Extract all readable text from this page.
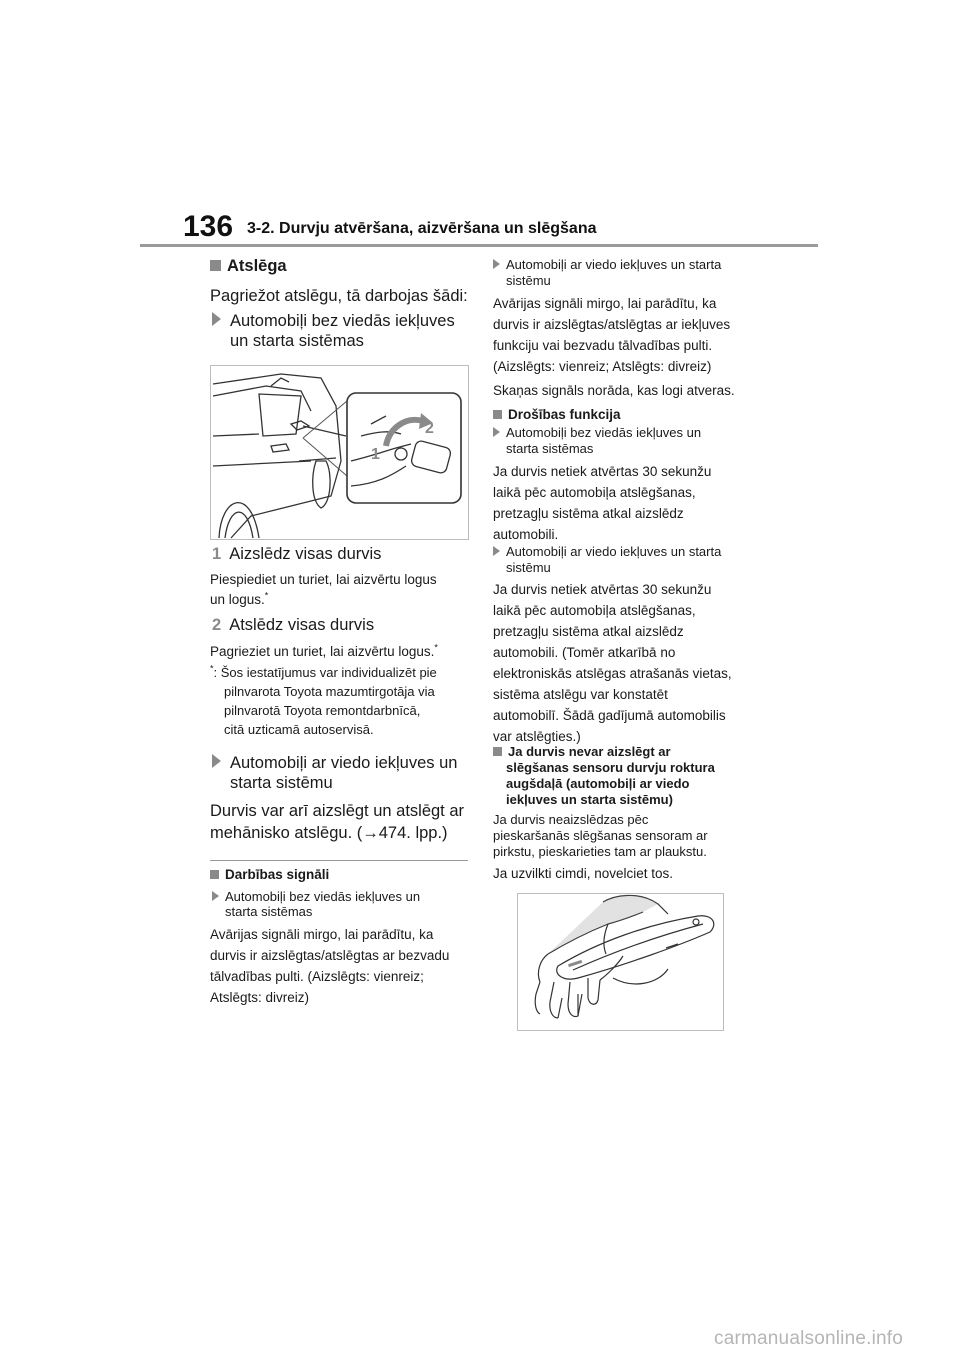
136 3-2. Durvju atvēršana, aizvēršana un slēgšana
Atslēga
Pagriežot atslēgu, tā darbojas šādi:
Automobiļi bez viedās iekļuves
un starta sistēmas
2
1
1 Aizslēdz visas durvis
Piespiediet un turiet, lai aizvērtu logus
un logus.*
2 Atslēdz visas durvis
Pagrieziet un turiet, lai aizvērtu logus.*
*: Šos iestatījumus var individualizēt pie
pilnvarota Toyota mazumtirgotāja via
pilnvarotā Toyota remontdarbnīcā,
citā uzticamā autoservisā.
Automobiļi ar viedo iekļuves un
starta sistēmu
Durvis var arī aizslēgt un atslēgt ar
mehānisko atslēgu. (→474. lpp.)
Darbības signāli
Automobiļi bez viedās iekļuves un
starta sistēmas
Avārijas signāli mirgo, lai parādītu, ka
durvis ir aizslēgtas/atslēgtas ar bezvadu
tālvadības pulti. (Aizslēgts: vienreiz;
Atslēgts: divreiz)
Automobiļi ar viedo iekļuves un starta
sistēmu
Avārijas signāli mirgo, lai parādītu, ka
durvis ir aizslēgtas/atslēgtas ar iekļuves
funkciju vai bezvadu tālvadības pulti.
(Aizslēgts: vienreiz; Atslēgts: divreiz)
Skaņas signāls norāda, kas logi atveras.
Drošības funkcija
Automobiļi bez viedās iekļuves un
starta sistēmas
Ja durvis netiek atvērtas 30 sekunžu
laikā pēc automobiļa atslēgšanas,
pretzagļu sistēma atkal aizslēdz
automobili.
Automobiļi ar viedo iekļuves un starta
sistēmu
Ja durvis netiek atvērtas 30 sekunžu
laikā pēc automobiļa atslēgšanas,
pretzagļu sistēma atkal aizslēdz
automobili. (Tomēr atkarībā no
elektroniskās atslēgas atrašanās vietas,
sistēma atslēgu var konstatēt
automobilī. Šādā gadījumā automobilis
var atslēgties.)
Ja durvis nevar aizslēgt ar
slēgšanas sensoru durvju roktura
augšdaļā (automobiļi ar viedo
iekļuves un starta sistēmu)
Ja durvis neaizslēdzas pēc
pieskaršanās slēgšanas sensoram ar
pirkstu, pieskarieties tam ar plaukstu.
Ja uzvilkti cimdi, novelciet tos.
carmanualsonline.info
